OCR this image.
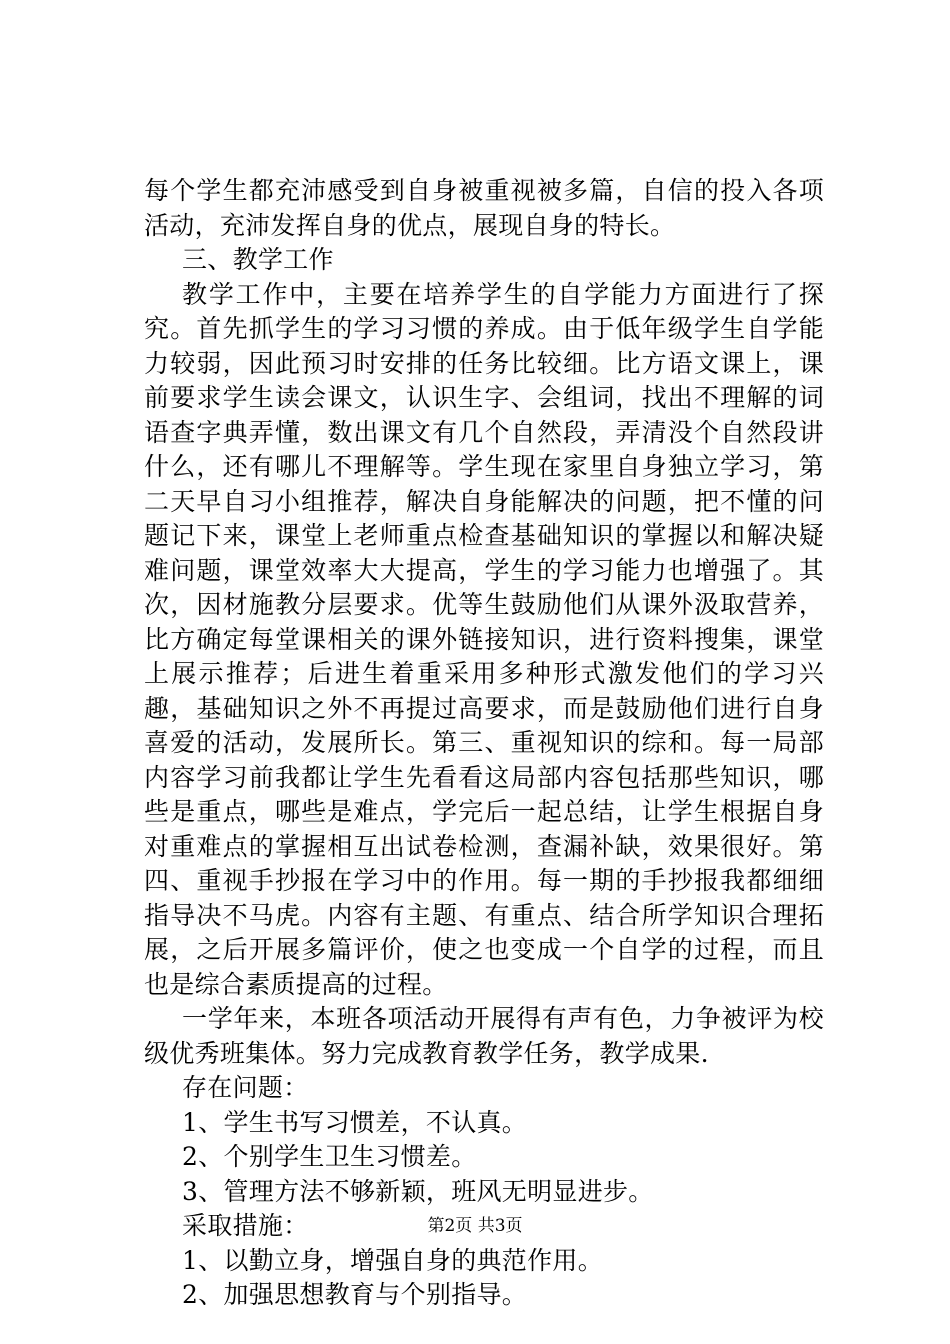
每个学生都充沛感受到自身被重视被多篇，自信的投入各项活动，充沛发挥自身的优点，展现自身的特长。

三、教学工作

教学工作中，主要在培养学生的自学能力方面进行了探究。首先抓学生的学习习惯的养成。由于低年级学生自学能力较弱，因此预习时安排的任务比较细。比方语文课上，课前要求学生读会课文，认识生字、会组词，找出不理解的词语查字典弄懂，数出课文有几个自然段，弄清没个自然段讲什么，还有哪儿不理解等。学生现在家里自身独立学习，第二天早自习小组推荐，解决自身能解决的问题，把不懂的问题记下来，课堂上老师重点检查基础知识的掌握以和解决疑难问题，课堂效率大大提高，学生的学习能力也增强了。其次，因材施教分层要求。优等生鼓励他们从课外汲取营养，比方确定每堂课相关的课外链接知识，进行资料搜集，课堂上展示推荐；后进生着重采用多种形式激发他们的学习兴趣，基础知识之外不再提过高要求，而是鼓励他们进行自身喜爱的活动，发展所长。第三、重视知识的综和。每一局部内容学习前我都让学生先看看这局部内容包括那些知识，哪些是重点，哪些是难点，学完后一起总结，让学生根据自身对重难点的掌握相互出试卷检测，查漏补缺，效果很好。第四、重视手抄报在学习中的作用。每一期的手抄报我都细细指导决不马虎。内容有主题、有重点、结合所学知识合理拓展，之后开展多篇评价，使之也变成一个自学的过程，而且也是综合素质提高的过程。

一学年来，本班各项活动开展得有声有色，力争被评为校级优秀班集体。努力完成教育教学任务，教学成果.

存在问题：

1、学生书写习惯差，不认真。

2、个别学生卫生习惯差。

3、管理方法不够新颖，班风无明显进步。

采取措施：

1、以勤立身，增强自身的典范作用。

2、加强思想教育与个别指导。

第2页 共3页
